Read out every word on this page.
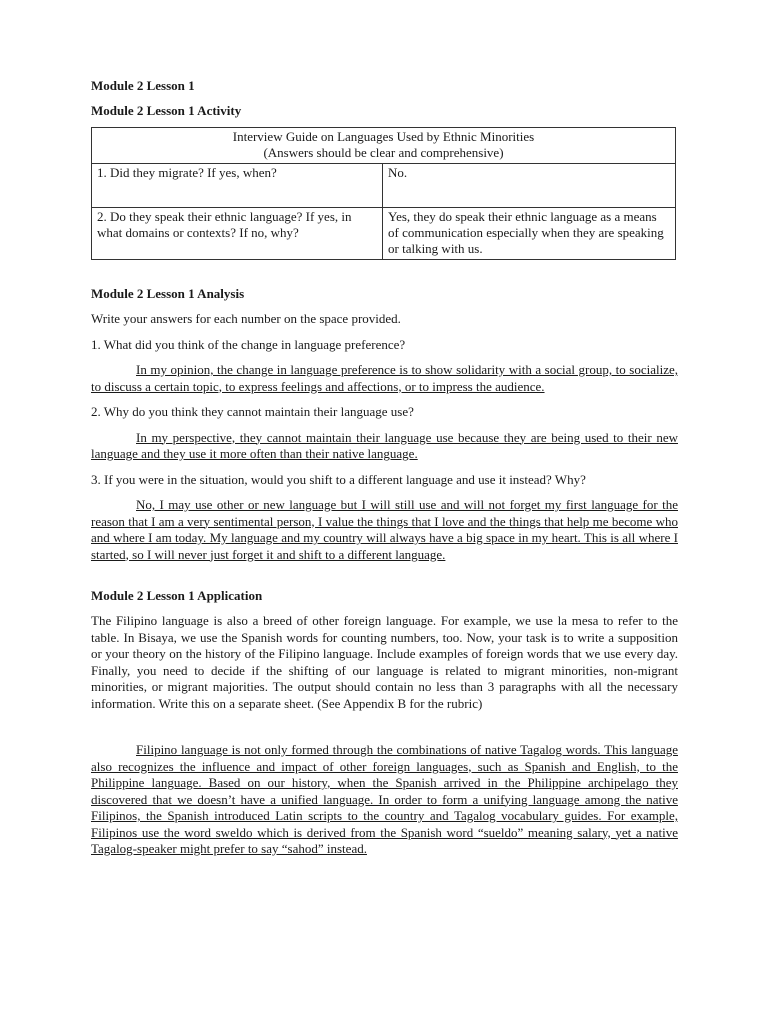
Module 2 Lesson 1
Module 2 Lesson 1 Activity
Interview Guide on Languages Used by Ethnic Minorities
(Answers should be clear and comprehensive)	

1. Did they migrate? If yes, when?	No.
2. Do they speak their ethnic language? If yes, in what domains or contexts? If no, why?	Yes, they do speak their ethnic language as a means of communication especially when they are speaking or talking with us.
Module 2 Lesson 1 Analysis

Write your answers for each number on the space provided.

1. What did you think of the change in language preference?

In my opinion, the change in language preference is to show solidarity with a social group, to socialize, to discuss a certain topic, to express feelings and affections, or to impress the audience.

2. Why do you think they cannot maintain their language use?

In my perspective, they cannot maintain their language use because they are being used to their new language and they use it more often than their native language.

3. If you were in the situation, would you shift to a different language and use it instead? Why?

No, I may use other or new language but I will still use and will not forget my first language for the reason that I am a very sentimental person, I value the things that I love and the things that help me become who and where I am today. My language and my country will always have a big space in my heart. This is all where I started, so I will never just forget it and shift to a different language.

Module 2 Lesson 1 Application

The Filipino language is also a breed of other foreign language. For example, we use la mesa to refer to the table. In Bisaya, we use the Spanish words for counting numbers, too. Now, your task is to write a supposition or your theory on the history of the Filipino language. Include examples of foreign words that we use every day. Finally, you need to decide if the shifting of our language is related to migrant minorities, non-migrant minorities, or migrant majorities. The output should contain no less than 3 paragraphs with all the necessary information. Write this on a separate sheet. (See Appendix B for the rubric)

Filipino language is not only formed through the combinations of native Tagalog words. This language also recognizes the influence and impact of other foreign languages, such as Spanish and English, to the Philippine language. Based on our history, when the Spanish arrived in the Philippine archipelago they discovered that we doesn’t have a unified language. In order to form a unifying language among the native Filipinos, the Spanish introduced Latin scripts to the country and Tagalog vocabulary guides. For example, Filipinos use the word sweldo which is derived from the Spanish word “sueldo” meaning salary, yet a native Tagalog-speaker might prefer to say “sahod” instead.
